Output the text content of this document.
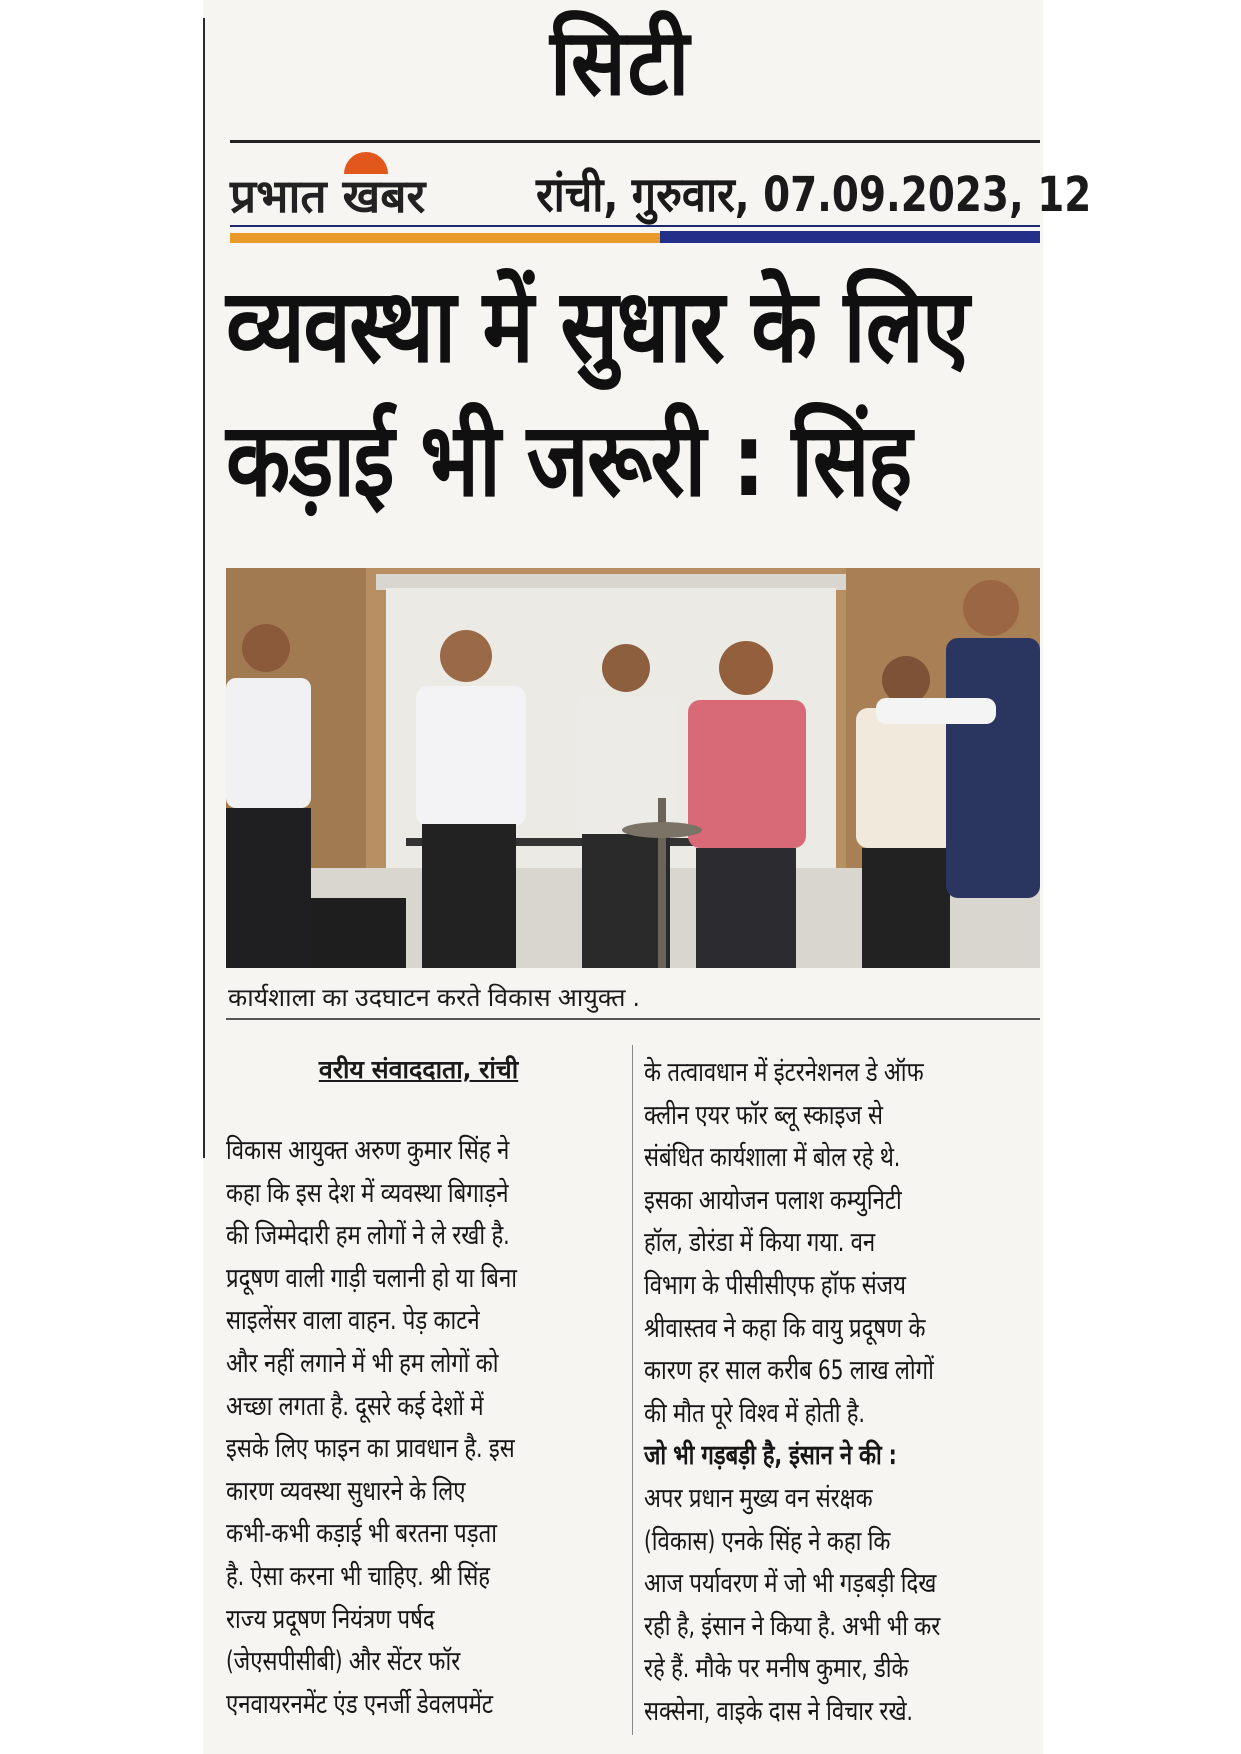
सिटी
प्रभात खबर रांची, गुरुवार, 07.09.2023, 12
व्यवस्था में सुधार के लिए
कड़ाई भी जरूरी : सिंह
कार्यशाला का उदघाटन करते विकास आयुक्त .
वरीय संवाददाता, रांची
विकास आयुक्त अरुण कुमार सिंह ने
कहा कि इस देश में व्यवस्था बिगाड़ने
की जिम्मेदारी हम लोगों ने ले रखी है.
प्रदूषण वाली गाड़ी चलानी हो या बिना
साइलेंसर वाला वाहन. पेड़ काटने
और नहीं लगाने में भी हम लोगों को
अच्छा लगता है. दूसरे कई देशों में
इसके लिए फाइन का प्रावधान है. इस
कारण व्यवस्था सुधारने के लिए
कभी-कभी कड़ाई भी बरतना पड़ता
है. ऐसा करना भी चाहिए. श्री सिंह
राज्य प्रदूषण नियंत्रण पर्षद
(जेएसपीसीबी) और सेंटर फॉर
एनवायरनमेंट एंड एनर्जी डेवलपमेंट
के तत्वावधान में इंटरनेशनल डे ऑफ
क्लीन एयर फॉर ब्लू स्काइज से
संबंधित कार्यशाला में बोल रहे थे.
इसका आयोजन पलाश कम्युनिटी
हॉल, डोरंडा में किया गया. वन
विभाग के पीसीसीएफ हॉफ संजय
श्रीवास्तव ने कहा कि वायु प्रदूषण के
कारण हर साल करीब 65 लाख लोगों
की मौत पूरे विश्व में होती है.
जो भी गड़बड़ी है, इंसान ने की :
अपर प्रधान मुख्य वन संरक्षक
(विकास) एनके सिंह ने कहा कि
आज पर्यावरण में जो भी गड़बड़ी दिख
रही है, इंसान ने किया है. अभी भी कर
रहे हैं. मौके पर मनीष कुमार, डीके
सक्सेना, वाइके दास ने विचार रखे.
